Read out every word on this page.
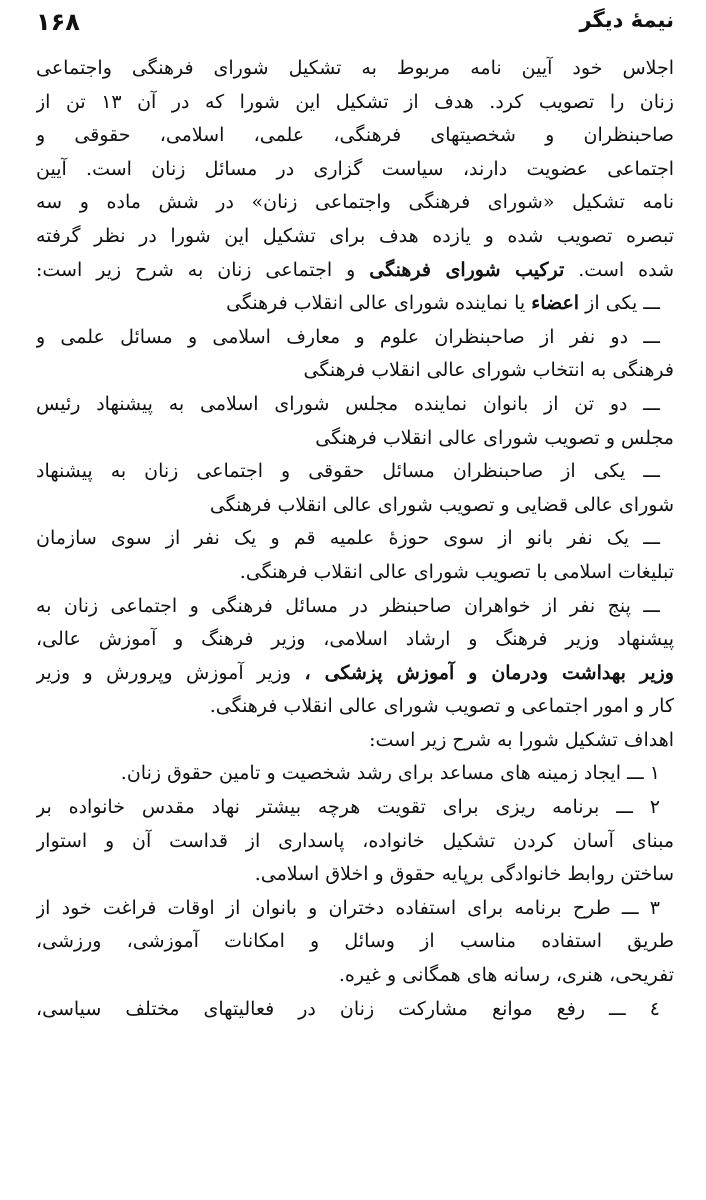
۱۶۸	نیمهٔ دیگر
اجلاس خود آیین نامه مربوط به تشکیل شورای فرهنگی واجتماعی
زنان را تصویب کرد. هدف از تشکیل این شورا که در آن ۱۳ تن از
صاحبنظران و شخصیتهای فرهنگی، علمی، اسلامی، حقوقی و
اجتماعی عضویت دارند، سیاست گزاری در مسائل زنان است. آیین
نامه تشکیل «شورای فرهنگی واجتماعی زنان» در شش ماده و سه
تبصره تصویب شده و یازده هدف برای تشکیل این شورا در نظر گرفته
شده است. ترکیب شورای فرهنگی و اجتماعی زنان به شرح زیر است:
ـــ یکی از اعضاء یا نماینده شورای عالی انقلاب فرهنگی
ـــ دو نفر از صاحبنظران علوم و معارف اسلامی و مسائل علمی و
فرهنگی به انتخاب شورای عالی انقلاب فرهنگی
ـــ دو تن از بانوان نماینده مجلس شورای اسلامی به پیشنهاد رئیس
مجلس و تصویب شورای عالی انقلاب فرهنگی
ـــ یکی از صاحبنظران مسائل حقوقی و اجتماعی زنان به پیشنهاد
شورای عالی قضایی و تصویب شورای عالی انقلاب فرهنگی
ـــ یک نفر بانو از سوی حوزهٔ علمیه قم و یک نفر از سوی سازمان
تبلیغات اسلامی با تصویب شورای عالی انقلاب فرهنگی.
ـــ پنج نفر از خواهران صاحبنظر در مسائل فرهنگی و اجتماعی زنان به
پیشنهاد وزیر فرهنگ و ارشاد اسلامی، وزیر فرهنگ و آموزش عالی،
وزیر بهداشت ودرمان و آموزش پزشکی ، وزیر آموزش وپرورش و وزیر
کار و امور اجتماعی و تصویب شورای عالی انقلاب فرهنگی.
اهداف تشکیل شورا به شرح زیر است:
۱ ـــ ایجاد زمینه های مساعد برای رشد شخصیت و تامین حقوق زنان.
۲ ـــ برنامه ریزی برای تقویت هرچه بیشتر نهاد مقدس خانواده بر
مبنای آسان کردن تشکیل خانواده، پاسداری از قداست آن و استوار
ساختن روابط خانوادگی برپایه حقوق و اخلاق اسلامی.
۳ ـــ طرح برنامه برای استفاده دختران و بانوان از اوقات فراغت خود از
طریق استفاده مناسب از وسائل و امکانات آموزشی، ورزشی،
تفریحی، هنری، رسانه های همگانی و غیره.
٤ ـــ رفع موانع مشارکت زنان در فعالیتهای مختلف سیاسی،
